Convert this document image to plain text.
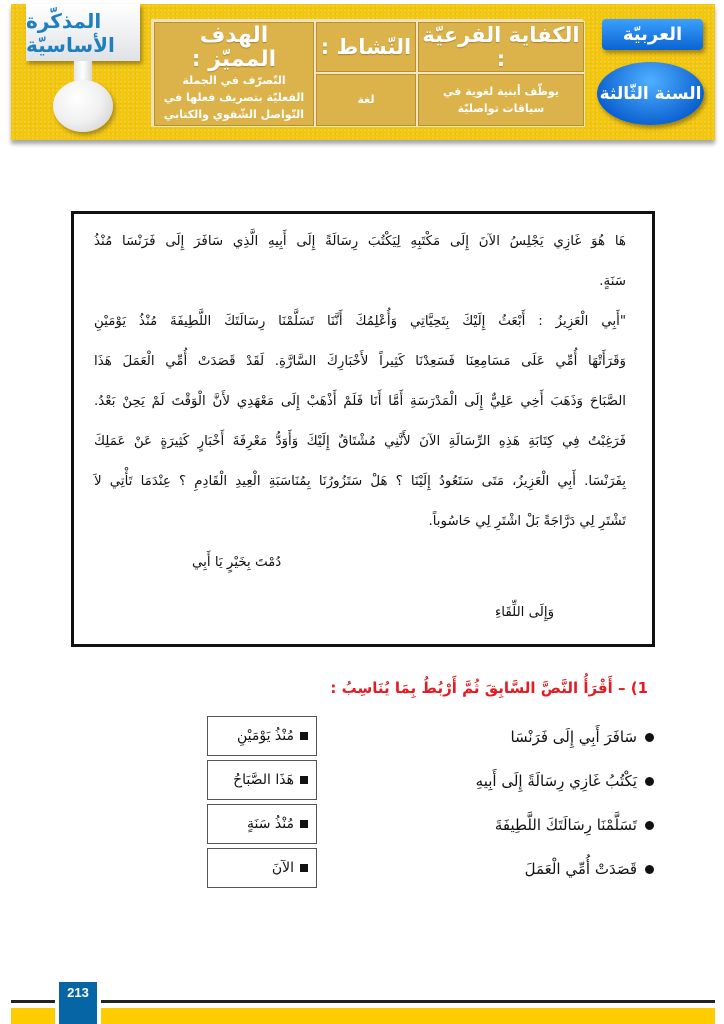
المذكّرة الأساسيّة	الهدف المميّز :
التّصرّف في الجملة الفعليّة بتصريف فعلها في التّواصل الشّفوي والكتابي
النّشاط :
لغة
الكفاية الفرعيّة :
يوظّف أبنية لغوية في سياقات تواصليّة
العربيّة
السنة الثّالثة
هَا هُوَ غَازِي يَجْلِسُ الآنَ إِلَى مَكْتَبِهِ لِيَكْتُبَ رِسَالَةً إِلَى أَبِيهِ الَّذِي سَافَرَ إِلَى فَرَنْسَا مُنْذُ
سَنَةٍ.
"أَبِي الْعَزِيزُ : أَبْعَثُ إِلَيْكَ بِتَحِيَّاتِي وَأُعْلِمُكَ أَنَّنَا تَسَلَّمْنَا رِسَالَتَكَ اللَّطِيفَةَ مُنْذُ يَوْمَيْنِ
وَقَرَأَتْهَا أُمِّي عَلَى مَسَامِعِنَا فَسَعِدْنَا كَثِيراً لأَخْبَارِكَ السَّارَّةِ. لَقَدْ قَصَدَتْ أُمِّي الْعَمَلَ هَذَا
الصَّبَاحَ وَذَهَبَ أَخِي عَلِيٌّ إِلَى الْمَدْرَسَةِ أَمَّا أَنَا فَلَمْ أَذْهَبْ إِلَى مَعْهَدِي لأَنَّ الْوَقْتَ لَمْ يَحِنْ بَعْدُ.
فَرَغِبْتُ فِي كِتَابَةِ هَذِهِ الرِّسَالَةِ الآنَ لأَنَّنِي مُشْتَاقٌ إِلَيْكَ وَأَوَدُّ مَعْرِفَةَ أَخْبَارٍ كَثِيرَةٍ عَنْ عَمَلِكَ
بِفَرَنْسَا. أَبِي الْعَزِيزُ، مَتَى سَتَعُودُ إِلَيْنَا ؟ هَلْ سَتَزُورُنَا بِمُنَاسَبَةِ الْعِيدِ الْقَادِمِ ؟ عِنْدَمَا تَأْتِي لاَ
تَشْتَرِ لِي دَرَّاجَةً بَلْ اشْتَرِ لِي حَاسُوباً.
دُمْتَ بِخَيْرٍ يَا أَبِي
وَإِلَى اللِّقَاءِ
1) – أَقْرَأُ النَّصَّ السَّابِقَ ثُمَّ أَرْبُطُ بِمَا يُنَاسِبُ :
سَافَرَ أَبِي إِلَى فَرَنْسَا
يَكْتُبُ غَازِي رِسَالَةً إِلَى أَبِيهِ
تَسَلَّمْنَا رِسَالَتَكَ اللَّطِيفَةَ
قَصَدَتْ أُمِّي الْعَمَلَ
مُنْذُ يَوْمَيْنِ
هَذَا الصَّبَاحُ
مُنْذُ سَنَةٍ
الآنَ
213
